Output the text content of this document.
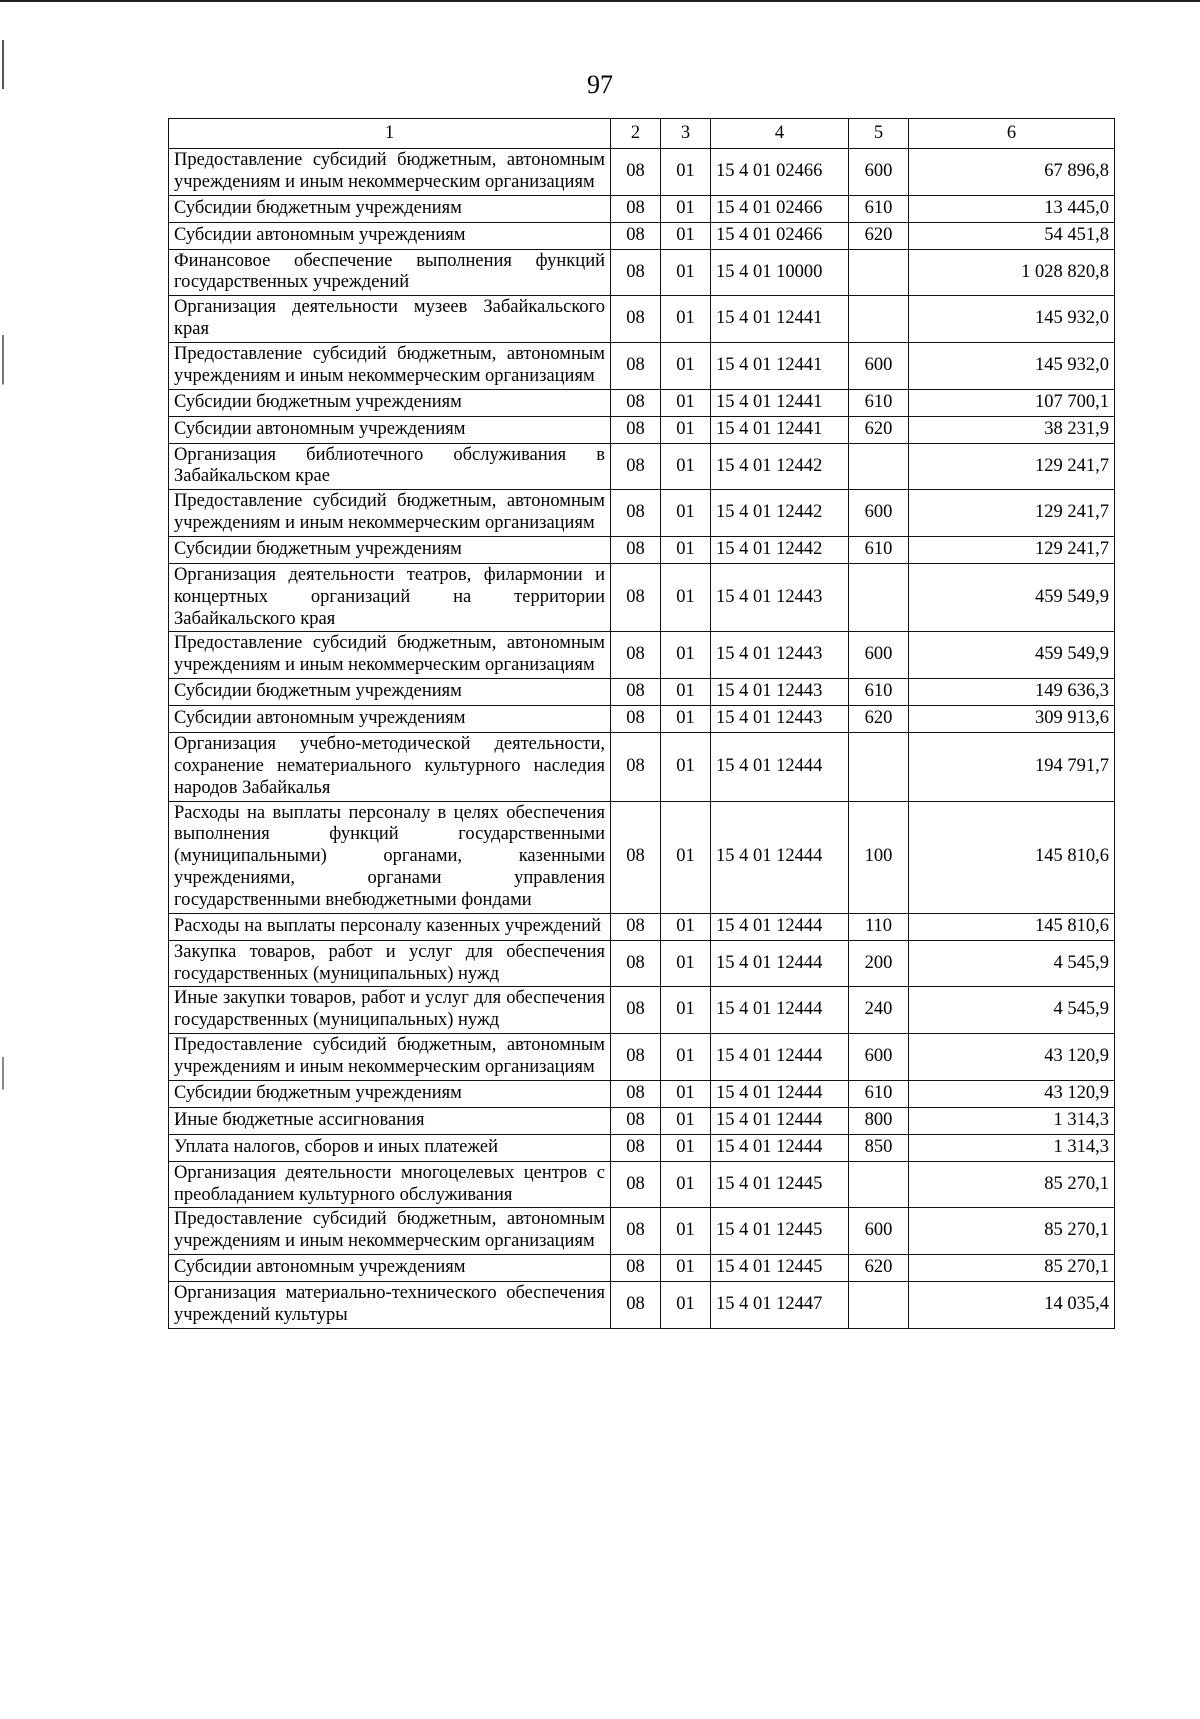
97
1	2	3	4	5	6
Предоставление субсидий бюджетным, автономным учреждениям и иным некоммерческим организациям	08	01	15 4 01 02466	600	67 896,8
Субсидии бюджетным учреждениям	08	01	15 4 01 02466	610	13 445,0
Субсидии автономным учреждениям	08	01	15 4 01 02466	620	54 451,8
Финансовое обеспечение выполнения функций государственных учреждений	08	01	15 4 01 10000		1 028 820,8
Организация деятельности музеев Забайкальского края	08	01	15 4 01 12441		145 932,0
Предоставление субсидий бюджетным, автономным учреждениям и иным некоммерческим организациям	08	01	15 4 01 12441	600	145 932,0
Субсидии бюджетным учреждениям	08	01	15 4 01 12441	610	107 700,1
Субсидии автономным учреждениям	08	01	15 4 01 12441	620	38 231,9
Организация библиотечного обслуживания в Забайкальском крае	08	01	15 4 01 12442		129 241,7
Предоставление субсидий бюджетным, автономным учреждениям и иным некоммерческим организациям	08	01	15 4 01 12442	600	129 241,7
Субсидии бюджетным учреждениям	08	01	15 4 01 12442	610	129 241,7
Организация деятельности театров, филармонии и концертных организаций на территории Забайкальского края	08	01	15 4 01 12443		459 549,9
Предоставление субсидий бюджетным, автономным учреждениям и иным некоммерческим организациям	08	01	15 4 01 12443	600	459 549,9
Субсидии бюджетным учреждениям	08	01	15 4 01 12443	610	149 636,3
Субсидии автономным учреждениям	08	01	15 4 01 12443	620	309 913,6
Организация учебно-методической деятельности, сохранение нематериального культурного наследия народов Забайкалья	08	01	15 4 01 12444		194 791,7
Расходы на выплаты персоналу в целях обеспечения выполнения функций государственными (муниципальными) органами, казенными учреждениями, органами управления государственными внебюджетными фондами	08	01	15 4 01 12444	100	145 810,6
Расходы на выплаты персоналу казенных учреждений	08	01	15 4 01 12444	110	145 810,6
Закупка товаров, работ и услуг для обеспечения государственных (муниципальных) нужд	08	01	15 4 01 12444	200	4 545,9
Иные закупки товаров, работ и услуг для обеспечения государственных (муниципальных) нужд	08	01	15 4 01 12444	240	4 545,9
Предоставление субсидий бюджетным, автономным учреждениям и иным некоммерческим организациям	08	01	15 4 01 12444	600	43 120,9
Субсидии бюджетным учреждениям	08	01	15 4 01 12444	610	43 120,9
Иные бюджетные ассигнования	08	01	15 4 01 12444	800	1 314,3
Уплата налогов, сборов и иных платежей	08	01	15 4 01 12444	850	1 314,3
Организация деятельности многоцелевых центров с преобладанием культурного обслуживания	08	01	15 4 01 12445		85 270,1
Предоставление субсидий бюджетным, автономным учреждениям и иным некоммерческим организациям	08	01	15 4 01 12445	600	85 270,1
Субсидии автономным учреждениям	08	01	15 4 01 12445	620	85 270,1
Организация материально-технического обеспечения учреждений культуры	08	01	15 4 01 12447		14 035,4
